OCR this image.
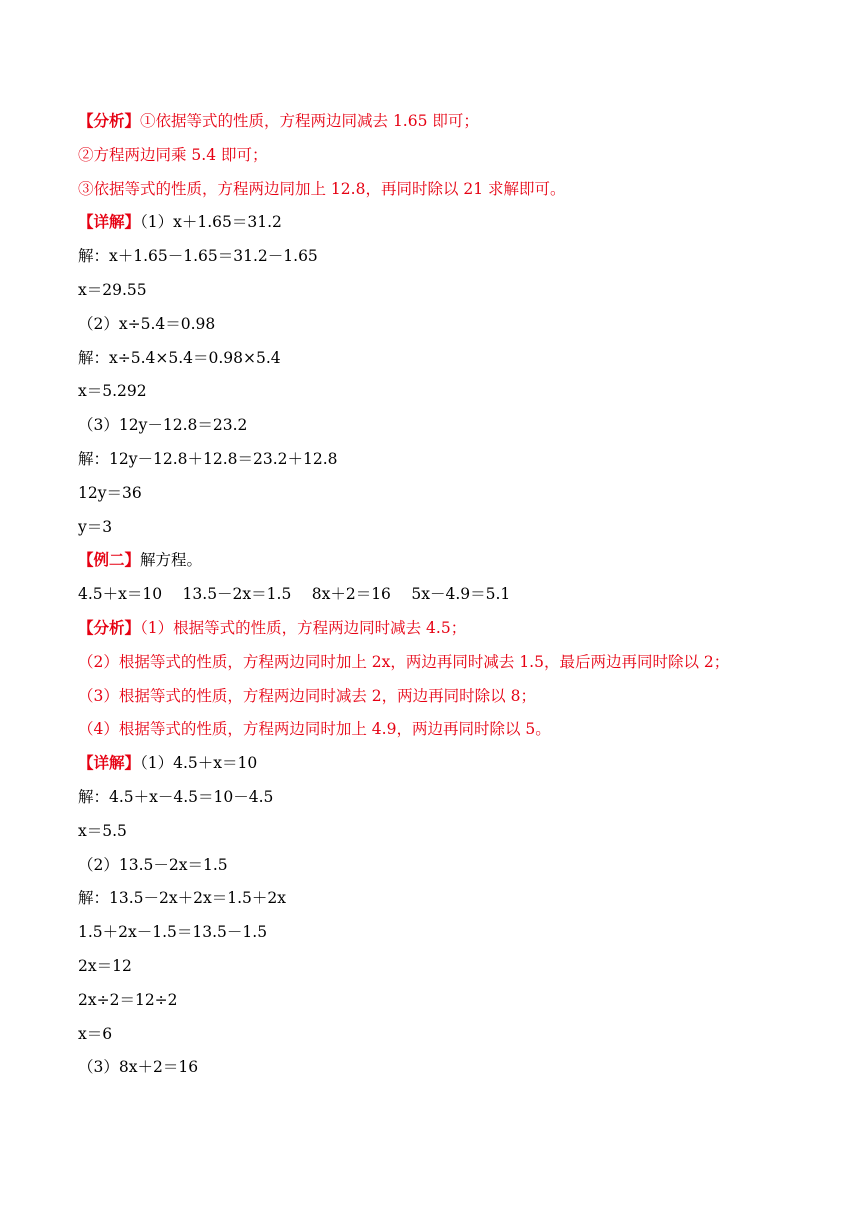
【分析】①依据等式的性质，方程两边同减去 1.65 即可；
②方程两边同乘 5.4 即可；
③依据等式的性质，方程两边同加上 12.8，再同时除以 21 求解即可。
【详解】（1）x＋1.65＝31.2
解：x＋1.65－1.65＝31.2－1.65
x＝29.55
（2）x÷5.4＝0.98
解：x÷5.4×5.4＝0.98×5.4
x＝5.292
（3）12y－12.8＝23.2
解：12y－12.8＋12.8＝23.2＋12.8
12y＝36
y＝3
【例二】解方程。
4.5＋x＝10　 13.5－2x＝1.5　 8x＋2＝16　 5x－4.9＝5.1
【分析】（1）根据等式的性质，方程两边同时减去 4.5；
（2）根据等式的性质，方程两边同时加上 2x，两边再同时减去 1.5，最后两边再同时除以 2；
（3）根据等式的性质，方程两边同时减去 2，两边再同时除以 8；
（4）根据等式的性质，方程两边同时加上 4.9，两边再同时除以 5。
【详解】（1）4.5＋x＝10
解：4.5＋x－4.5＝10－4.5
x＝5.5
（2）13.5－2x＝1.5
解：13.5－2x＋2x＝1.5＋2x
1.5＋2x－1.5＝13.5－1.5
2x＝12
2x÷2＝12÷2
x＝6
（3）8x＋2＝16
